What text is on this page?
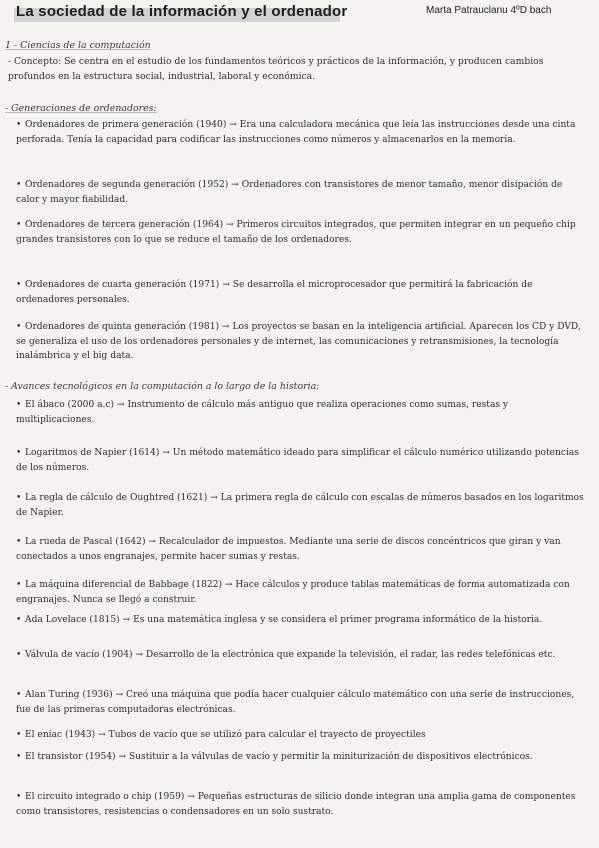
La sociedad de la información y el ordenador	Marta Patrauclanu 4ºD bach
1 - Ciencias de la computación
- Concepto: Se centra en el estudio de los fundamentos teóricos y prácticos de la información, y producen cambios profundos en la estructura social, industrial, laboral y económica.
- Generaciones de ordenadores:
• Ordenadores de primera generación (1940) → Era una calculadora mecánica que leía las instrucciones desde una cinta perforada. Tenía la capacidad para codificar las instrucciones como números y almacenarlos en la memoria.
• Ordenadores de segunda generación (1952) → Ordenadores con transistores de menor tamaño, menor disipación de calor y mayor fiabilidad.
• Ordenadores de tercera generación (1964) → Primeros circuitos integrados, que permiten integrar en un pequeño chip grandes transistores con lo que se reduce el tamaño de los ordenadores.
• Ordenadores de cuarta generación (1971) → Se desarrolla el microprocesador que permitirá la fabricación de ordenadores personales.
• Ordenadores de quinta generación (1981) → Los proyectos se basan en la inteligencia artificial. Aparecen los CD y DVD, se generaliza el uso de los ordenadores personales y de internet, las comunicaciones y retransmisiones, la tecnología inalámbrica y el big data.
- Avances tecnológicos en la computación a lo largo de la historia:
• El ábaco (2000 a.c) → Instrumento de cálculo más antiguo que realiza operaciones como sumas, restas y multiplicaciones.
• Logaritmos de Napier (1614) → Un método matemático ideado para simplificar el cálculo numérico utilizando potencias de los números.
• La regla de cálculo de Oughtred (1621) → La primera regla de cálculo con escalas de números basados en los logaritmos de Napier.
• La rueda de Pascal (1642) → Recalculador de impuestos. Mediante una serie de discos concéntricos que giran y van conectados a unos engranajes, permite hacer sumas y restas.
• La máquina diferencial de Babbage (1822) → Hace cálculos y produce tablas matemáticas de forma automatizada con engranajes. Nunca se llegó a construir.
• Ada Lovelace (1815) → Es una matemática inglesa y se considera el primer programa informático de la historia.
• Válvula de vacío (1904) → Desarrollo de la electrónica que expande la televisión, el radar, las redes telefónicas etc.
• Alan Turing (1936) → Creó una máquina que podía hacer cualquier cálculo matemático con una serie de instrucciones, fue de las primeras computadoras electrónicas.
• El eniac (1943) → Tubos de vacío que se utilizó para calcular el trayecto de proyectiles
• El transistor (1954) → Sustituir a la válvulas de vacío y permitir la miniturización de dispositivos electrónicos.
• El circuito integrado o chip (1959) → Pequeñas estructuras de silicio donde integran una amplia gama de componentes como transistores, resistencias o condensadores en un solo sustrato.
